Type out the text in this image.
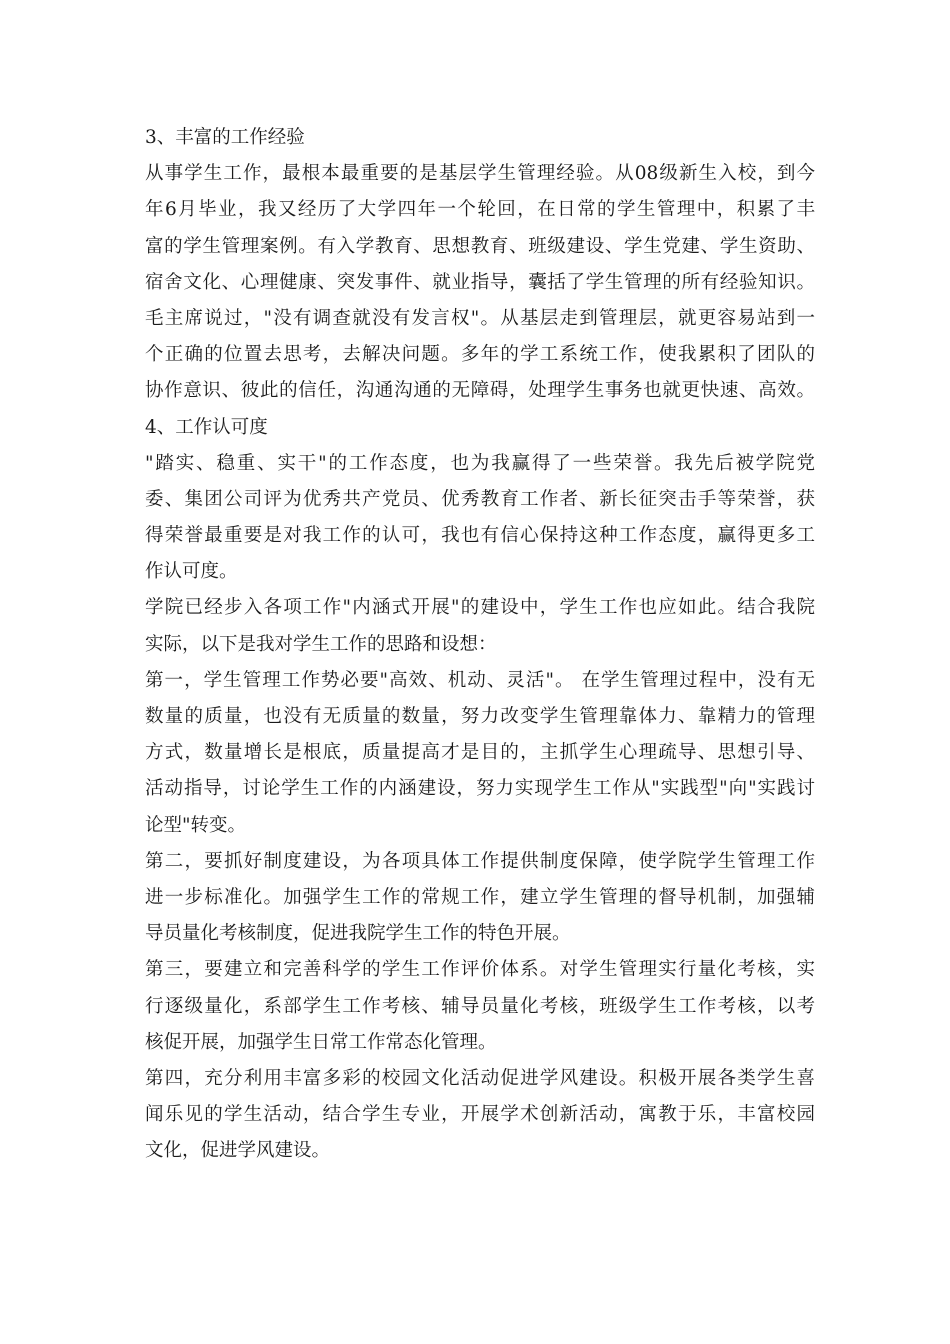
3、丰富的工作经验
从事学生工作，最根本最重要的是基层学生管理经验。从08级新生入校，到今
年6月毕业，我又经历了大学四年一个轮回，在日常的学生管理中，积累了丰
富的学生管理案例。有入学教育、思想教育、班级建设、学生党建、学生资助、
宿舍文化、心理健康、突发事件、就业指导，囊括了学生管理的所有经验知识。
毛主席说过，"没有调查就没有发言权"。从基层走到管理层，就更容易站到一
个正确的位置去思考，去解决问题。多年的学工系统工作，使我累积了团队的
协作意识、彼此的信任，沟通沟通的无障碍，处理学生事务也就更快速、高效。
4、工作认可度
"踏实、稳重、实干"的工作态度，也为我赢得了一些荣誉。我先后被学院党
委、集团公司评为优秀共产党员、优秀教育工作者、新长征突击手等荣誉，获
得荣誉最重要是对我工作的认可，我也有信心保持这种工作态度，赢得更多工
作认可度。
学院已经步入各项工作"内涵式开展"的建设中，学生工作也应如此。结合我院
实际，以下是我对学生工作的思路和设想：
第一，学生管理工作势必要"高效、机动、灵活"。 在学生管理过程中，没有无
数量的质量，也没有无质量的数量，努力改变学生管理靠体力、靠精力的管理
方式，数量增长是根底，质量提高才是目的，主抓学生心理疏导、思想引导、
活动指导，讨论学生工作的内涵建设，努力实现学生工作从"实践型"向"实践讨
论型"转变。
第二，要抓好制度建设，为各项具体工作提供制度保障，使学院学生管理工作
进一步标准化。加强学生工作的常规工作，建立学生管理的督导机制，加强辅
导员量化考核制度，促进我院学生工作的特色开展。
第三，要建立和完善科学的学生工作评价体系。对学生管理实行量化考核，实
行逐级量化，系部学生工作考核、辅导员量化考核，班级学生工作考核，以考
核促开展，加强学生日常工作常态化管理。
第四，充分利用丰富多彩的校园文化活动促进学风建设。积极开展各类学生喜
闻乐见的学生活动，结合学生专业，开展学术创新活动，寓教于乐，丰富校园
文化，促进学风建设。
